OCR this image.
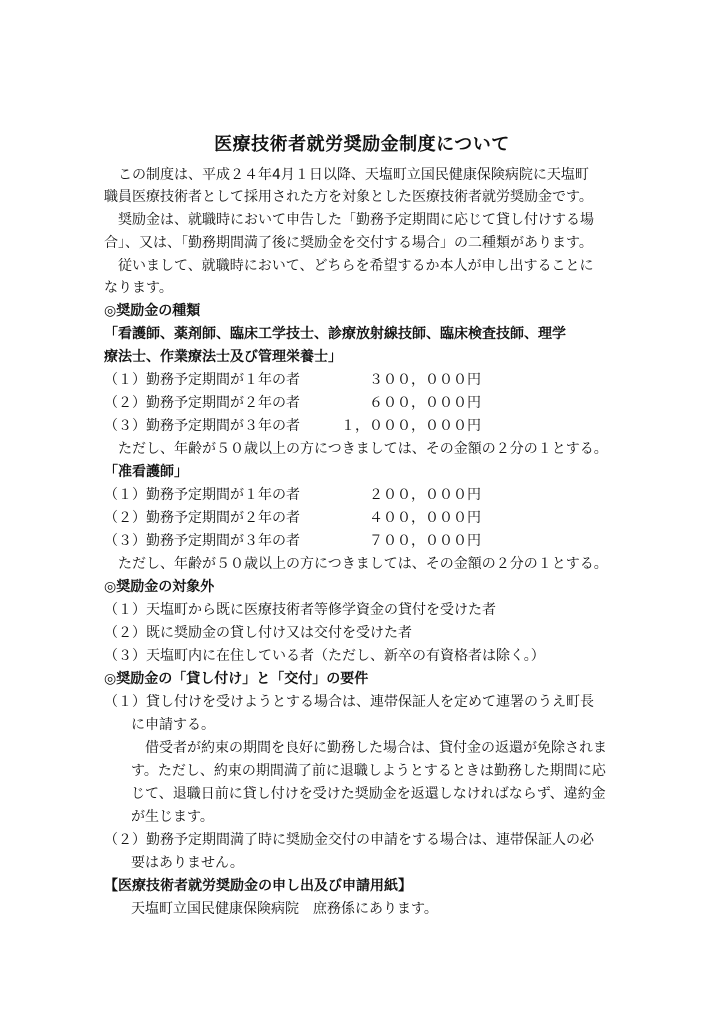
医療技術者就労奨励金制度について
この制度は、平成２４年4月１日以降、天塩町立国民健康保険病院に天塩町
職員医療技術者として採用された方を対象とした医療技術者就労奨励金です。
奨励金は、就職時において申告した「勤務予定期間に応じて貸し付けする場
合」、又は、「勤務期間満了後に奨励金を交付する場合」の二種類があります。
従いまして、就職時において、どちらを希望するか本人が申し出することに
なります。
◎奨励金の種類
「看護師、薬剤師、臨床工学技士、診療放射線技師、臨床検査技師、理学
療法士、作業療法士及び管理栄養士」
（１）勤務予定期間が１年の者	３００，０００円
（２）勤務予定期間が２年の者	６００，０００円
（３）勤務予定期間が３年の者	１，０００，０００円
ただし、年齢が５０歳以上の方につきましては、その金額の２分の１とする。
「准看護師」
（１）勤務予定期間が１年の者	２００，０００円
（２）勤務予定期間が２年の者	４００，０００円
（３）勤務予定期間が３年の者	７００，０００円
ただし、年齢が５０歳以上の方につきましては、その金額の２分の１とする。
◎奨励金の対象外
（１）天塩町から既に医療技術者等修学資金の貸付を受けた者
（２）既に奨励金の貸し付け又は交付を受けた者
（３）天塩町内に在住している者（ただし、新卒の有資格者は除く。）
◎奨励金の「貸し付け」と「交付」の要件
（１）貸し付けを受けようとする場合は、連帯保証人を定めて連署のうえ町長
に申請する。
借受者が約束の期間を良好に勤務した場合は、貸付金の返還が免除されま
す。ただし、約束の期間満了前に退職しようとするときは勤務した期間に応
じて、退職日前に貸し付けを受けた奨励金を返還しなければならず、違約金
が生じます。
（２）勤務予定期間満了時に奨励金交付の申請をする場合は、連帯保証人の必
要はありません。
【医療技術者就労奨励金の申し出及び申請用紙】
天塩町立国民健康保険病院　庶務係にあります。
